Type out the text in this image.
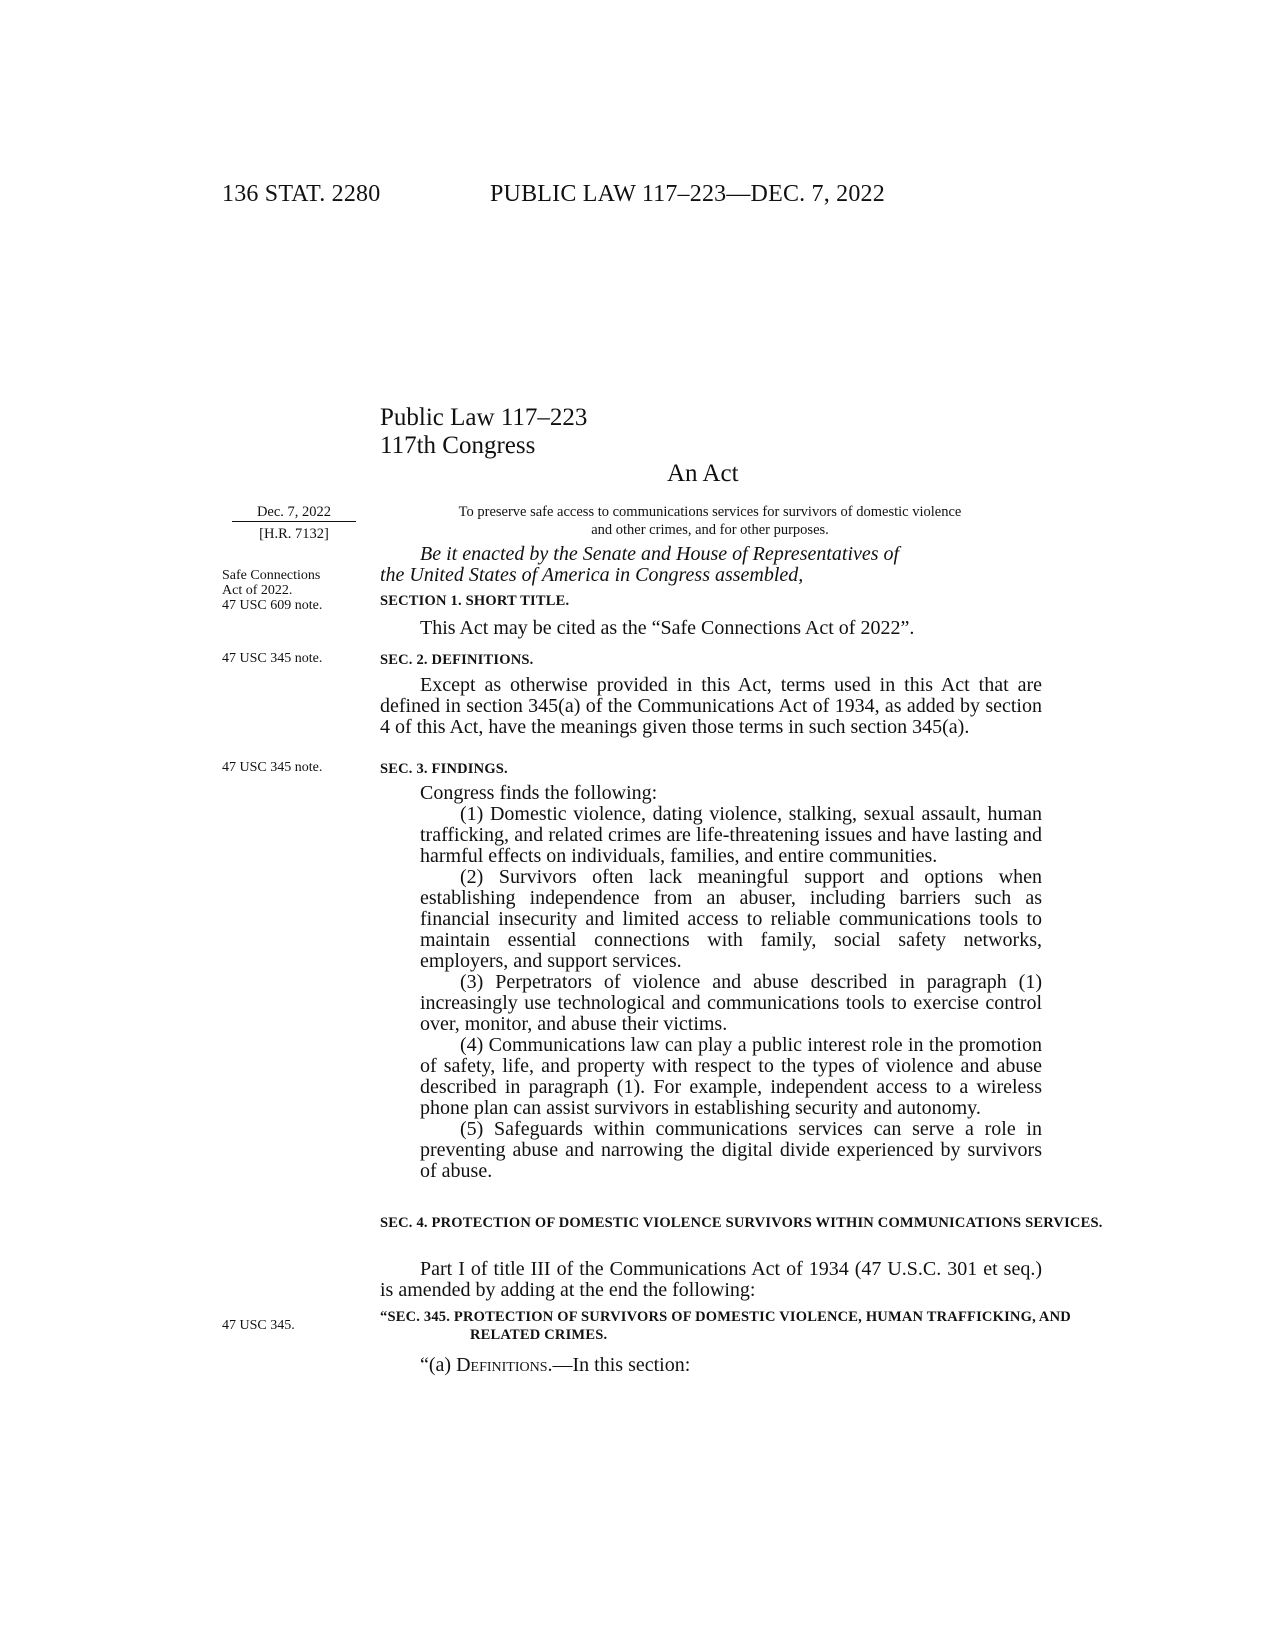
136 STAT. 2280	PUBLIC LAW 117–223—DEC. 7, 2022
Public Law 117–223
117th Congress
An Act
Dec. 7, 2022
[H.R. 7132]
To preserve safe access to communications services for survivors of domestic violence
and other crimes, and for other purposes.
Safe Connections
Act of 2022.
47 USC 609 note.
47 USC 345 note.
47 USC 345 note.
47 USC 345.
Be it enacted by the Senate and House of Representatives of
the United States of America in Congress assembled,
SECTION 1. SHORT TITLE.
This Act may be cited as the “Safe Connections Act of 2022”.
SEC. 2. DEFINITIONS.
Except as otherwise provided in this Act, terms used in this Act that are defined in section 345(a) of the Communications Act of 1934, as added by section 4 of this Act, have the meanings given those terms in such section 345(a).
SEC. 3. FINDINGS.
Congress finds the following:
(1) Domestic violence, dating violence, stalking, sexual assault, human trafficking, and related crimes are life-threatening issues and have lasting and harmful effects on individuals, families, and entire communities.
(2) Survivors often lack meaningful support and options when establishing independence from an abuser, including barriers such as financial insecurity and limited access to reliable communications tools to maintain essential connections with family, social safety networks, employers, and support services.
(3) Perpetrators of violence and abuse described in paragraph (1) increasingly use technological and communications tools to exercise control over, monitor, and abuse their victims.
(4) Communications law can play a public interest role in the promotion of safety, life, and property with respect to the types of violence and abuse described in paragraph (1). For example, independent access to a wireless phone plan can assist survivors in establishing security and autonomy.
(5) Safeguards within communications services can serve a role in preventing abuse and narrowing the digital divide experienced by survivors of abuse.
SEC. 4. PROTECTION OF DOMESTIC VIOLENCE SURVIVORS WITHIN COMMUNICATIONS SERVICES.
Part I of title III of the Communications Act of 1934 (47 U.S.C. 301 et seq.) is amended by adding at the end the following:
“SEC. 345. PROTECTION OF SURVIVORS OF DOMESTIC VIOLENCE, HUMAN TRAFFICKING, AND RELATED CRIMES.
“(a) Definitions.—In this section:
